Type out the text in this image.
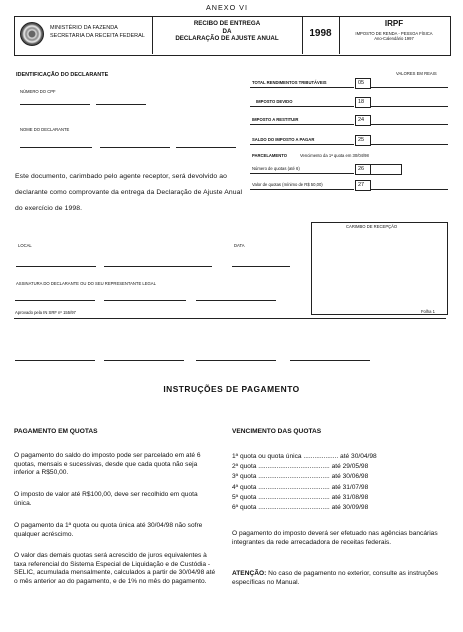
ANEXO VI
MINISTÉRIO DA FAZENDA
SECRETARIA DA RECEITA FEDERAL
RECIBO DE ENTREGA
DA
DECLARAÇÃO DE AJUSTE ANUAL	1998
IRPF
IMPOSTO DE RENDA - PESSOA FÍSICA
Ano-Calendário 1997
IDENTIFICAÇÃO DO DECLARANTE
NÚMERO DO CPF
NOME DO DECLARANTE
VALORES EM REAIS
TOTAL RENDIMENTOS TRIBUTÁVEIS	05
IMPOSTO DEVIDO	18
IMPOSTO A RESTITUIR	24
SALDO DO IMPOSTO A PAGAR	25
PARCELAMENTO	Vencimento da 1ª quota em 30/04/98
Número de quotas (até 6)	26
Valor de quotas (mínimo de R$ 50,00)	27
Este documento, carimbado pelo agente receptor, será devolvido ao declarante como comprovante da entrega da Declaração de Ajuste Anual do exercício de 1998.
CARIMBO DE RECEPÇÃO
Folha 1
LOCAL	DATA
ASSINATURA DO DECLARANTE OU DO SEU REPRESENTANTE LEGAL
Aprovado pela IN SRF nº 155/97
INSTRUÇÕES DE PAGAMENTO
PAGAMENTO EM QUOTAS	VENCIMENTO DAS QUOTAS
O pagamento do saldo do imposto pode ser parcelado em até 6 quotas, mensais e sucessivas, desde que cada quota não seja inferior a R$50,00.
O imposto de valor até R$100,00, deve ser recolhido em quota única.
O pagamento da 1ª quota ou quota única até 30/04/98 não sofre qualquer acréscimo.
O valor das demais quotas será acrescido de juros equivalentes à taxa referencial do Sistema Especial de Liquidação e de Custódia - SELIC, acumulada mensalmente, calculados a partir de 30/04/98 até o mês anterior ao do pagamento, e de 1% no mês do pagamento.
1ª quota ou quota única ................... até 30/04/98
2ª quota ....................................... até 29/05/98
3ª quota ....................................... até 30/06/98
4ª quota ....................................... até 31/07/98
5ª quota ....................................... até 31/08/98
6ª quota ....................................... até 30/09/98
O pagamento do imposto deverá ser efetuado nas agências bancárias integrantes da rede arrecadadora de receitas federais.
ATENÇÃO: No caso de pagamento no exterior, consulte as instruções específicas no Manual.
